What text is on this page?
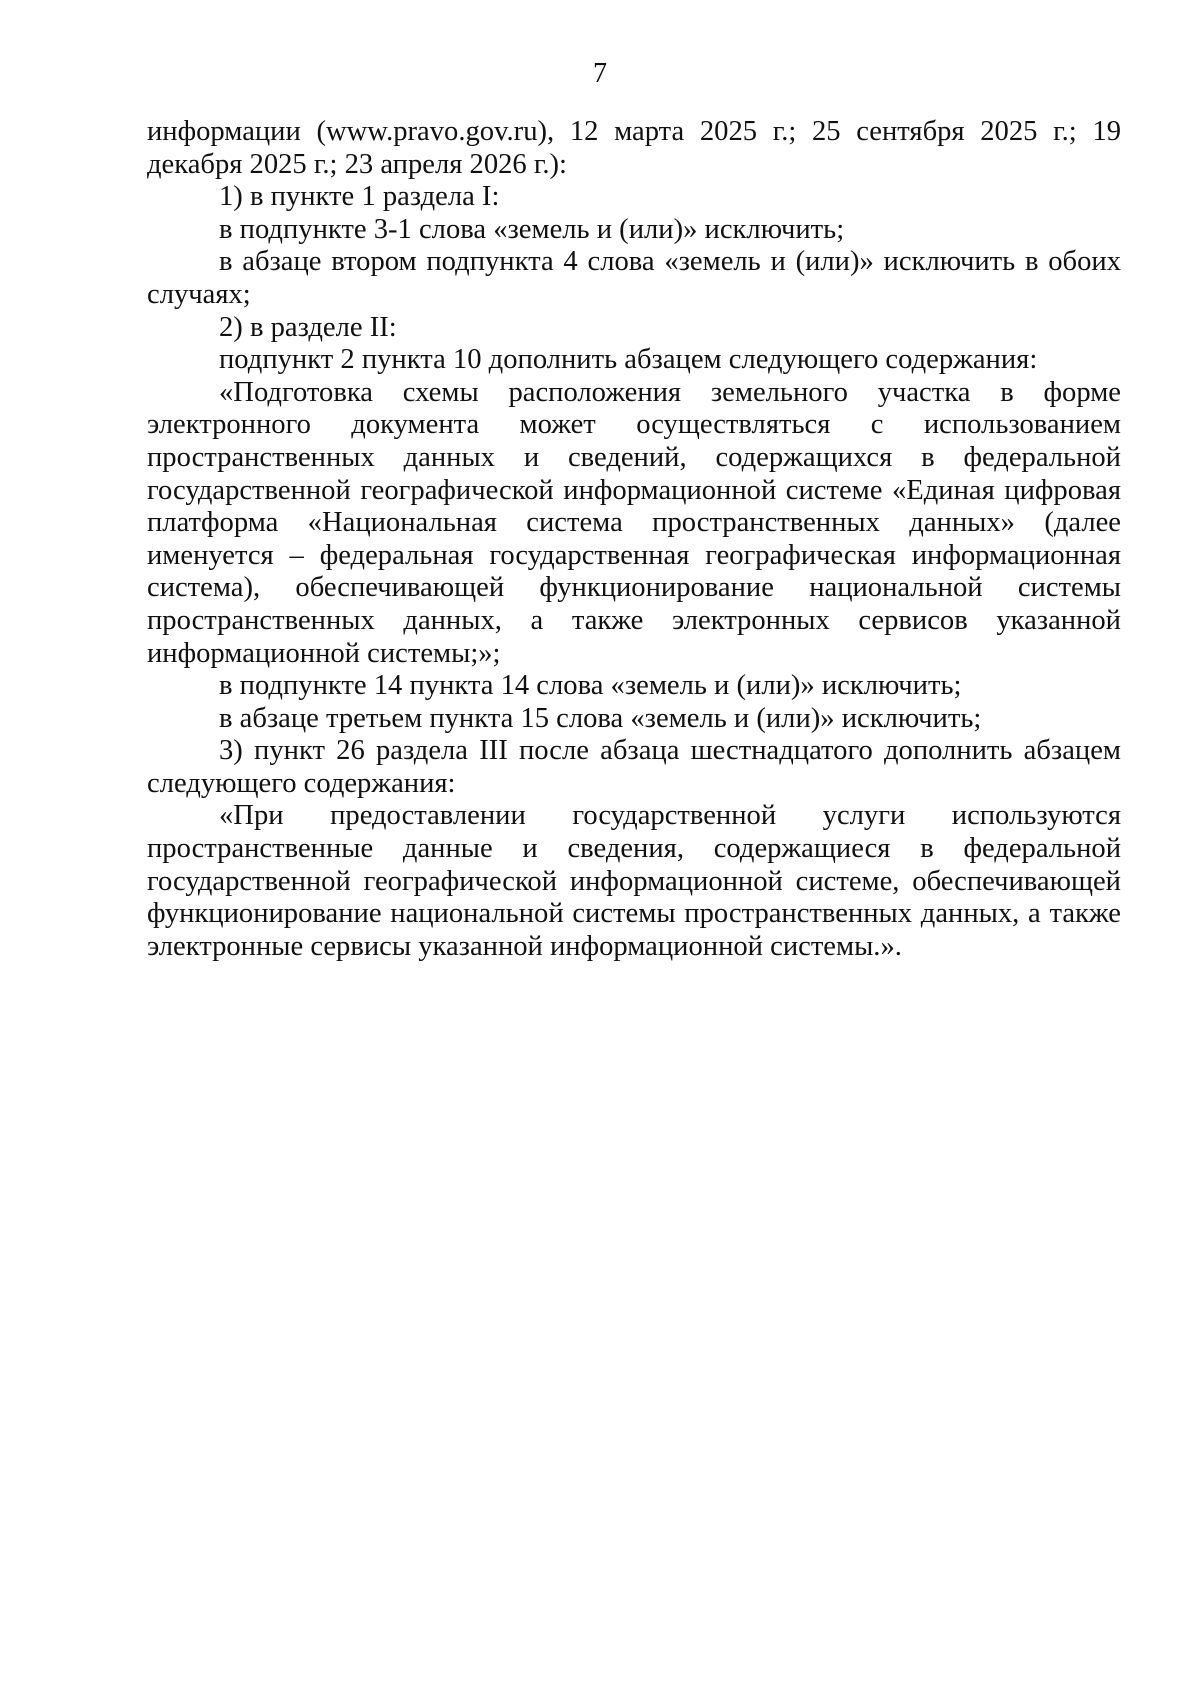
7

информации (www.pravo.gov.ru), 12 марта 2025 г.; 25 сентября 2025 г.; 19 декабря 2025 г.; 23 апреля 2026 г.):

1) в пункте 1 раздела I:

в подпункте 3-1 слова «земель и (или)» исключить;

в абзаце втором подпункта 4 слова «земель и (или)» исключить в обоих случаях;

2) в разделе II:

подпункт 2 пункта 10 дополнить абзацем следующего содержания:

«Подготовка схемы расположения земельного участка в форме электронного документа может осуществляться с использованием пространственных данных и сведений, содержащихся в федеральной государственной географической информационной системе «Единая цифровая платформа «Национальная система пространственных данных» (далее именуется – федеральная государственная географическая информационная система), обеспечивающей функционирование национальной системы пространственных данных, а также электронных сервисов указанной информационной системы;»;

в подпункте 14 пункта 14 слова «земель и (или)» исключить;

в абзаце третьем пункта 15 слова «земель и (или)» исключить;

3) пункт 26 раздела III после абзаца шестнадцатого дополнить абзацем следующего содержания:

«При предоставлении государственной услуги используются пространственные данные и сведения, содержащиеся в федеральной государственной географической информационной системе, обеспечивающей функционирование национальной системы пространственных данных, а также электронные сервисы указанной информационной системы.».
